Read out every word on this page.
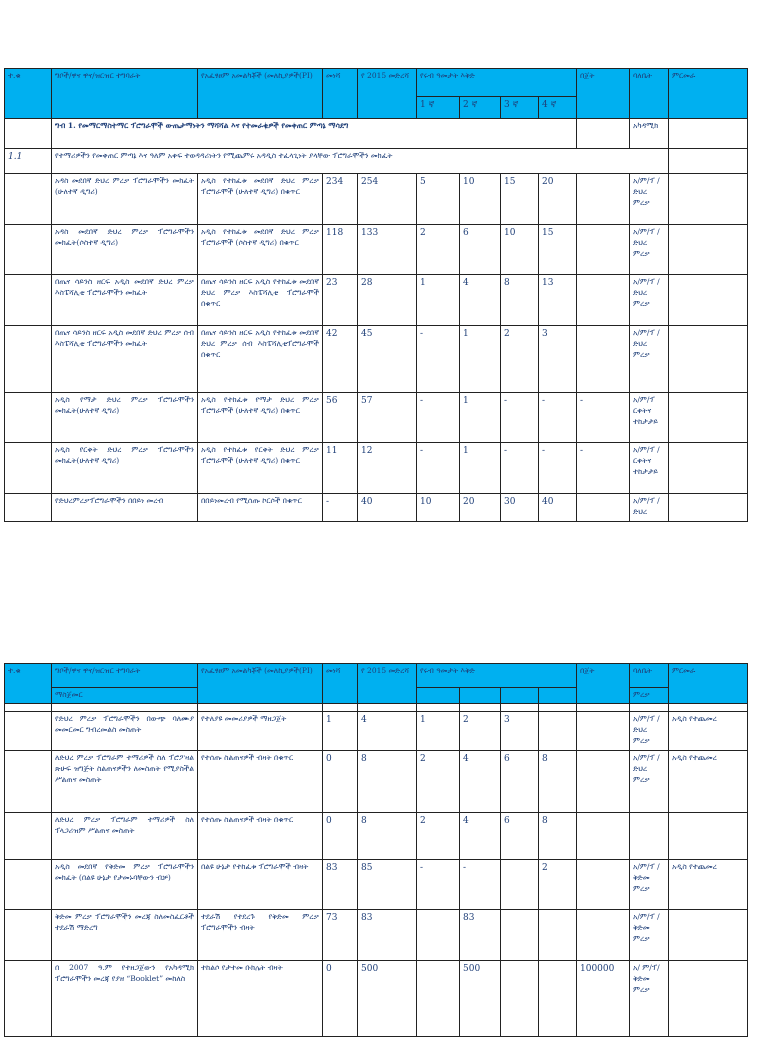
ተ.ቁ	ግቦች/ዋና ዋና/ዝርዝር ተግባራት	የአፈፃፀም አመልካቾች (መለኪያዎች(PI)	መነሻ	የ 2015 መድረሻ	የሩብ ዓመታት እቅድ				በጀት	ባለቤት	ምርመራ
					1 ኛ	2 ኛ	3 ኛ	4 ኛ			
	ግብ 1. የመማርማስተማር ፕሮግራሞች ውጤታማነትን ማሻሻል እና የተመራቂዎች የመቀጠር ምጣኔ ማሳደግ									አካዳሚክ	
1.1	የተማሪዎችን የመቀጠር ምጣኔ እና ዓለም አቀፍ ተወዳዳሪነትን የሚጨምሩ አዳዲስ ተፈላጊነት ያላቸው ፕሮግራሞችን መክፈት										
	አዳስ መደበኛ ድህረ ምረቃ ፕሮግራሞችን መክፈት (ሁለተኛ ዲግሪ)	አዲስ የተከፈቱ መደበኛ ድህረ ምረቃ ፕሮግራሞች (ሁለተኛ ዲግሪ) በቁጥር	234	254	5	10	15	20		አ/ም/ፕ / ድህረ ምረቃ	
	አዳስ መደበኛ ድህረ ምረቃ ፕሮግራሞችን መክፈት(ሶስተኛ ዲግሪ)	አዲስ የተከፈቱ መደበኛ ድህረ ምረቃ ፕሮግራሞች (ሶስተኛ ዲግሪ) በቁጥር	118	133	2	6	10	15		አ/ም/ፕ / ድህረ ምረቃ	
	በጤና ሳይንስ ዘርፍ አዲስ መደበኛ ድህረ ምረቃ እስፔሻሊቲ ፕሮግራሞችን መክፈት	በጤና ሳይንስ ዘርፍ አዲስ የተከፈቱ መደበኛ ድህረ ምረቃ እስፔሻሊቲ ፕሮግራሞች በቁጥር	23	28	1	4	8	13		አ/ም/ፕ / ድህረ ምረቃ	
	በጤና ሳይንስ ዘርፍ አዲስ መደበኛ ድህረ ምረቃ ሰብ እስፔሻሊቲ ፕሮግራሞችን መክፈት	በጤና ሳይንስ ዘርፍ አዲስ የተከፈቱ መደበኛ ድህረ ምረቃ ሰብ እስፔሻሊቲፕሮግራሞች በቁጥር	42	45	-	1	2	3		አ/ም/ፕ / ድህረ ምረቃ	
	አዲስ የማታ ድህረ ምረቃ ፕሮግራሞችን መክፈት(ሁለተኛ ዲግሪ)	አዲስ የተከፈቱ የማታ ድህረ ምረቃ ፕሮግራሞች (ሁለተኛ ዲግሪ) በቁጥር	56	57	-	1	-	-	-	አ/ም/ፕ ርቀትና ተከታታይ	
	አዲስ የርቀት ድህረ ምረቃ ፕሮግራሞችን መክፈት(ሁለተኛ ዲግሪ)	አዲስ የተከፈቱ የርቀት ድህረ ምረቃ ፕሮግራሞች (ሁለተኛ ዲግሪ) በቁጥር	11	12	-	1	-	-	-	አ/ም/ፕ /ርቀትና ተከታታይ	
	የድህረምረቃፕሮግራሞችን በበይነ መረብ	በበይነመረብ የሚሰጡ ኮርሶች በቁጥር	-	40	10	20	30	40		አ/ም/ፕ / ድህረ	
ተ.ቁ	ግቦች/ዋና ዋና/ዝርዝር ተግባራት	የአፈፃፀም አመልካቾች (መለኪያዎች(PI)	መነሻ	የ 2015 መድረሻ	የሩብ ዓመታት እቅድ				በጀት	ባለቤት	ምርመራ
	ማስጀመር									ምረቃ	

	የድህረ ምረቃ ፕሮግራሞችን በውጭ ባለሙያ መመርመር ግብረመልስ መስጠት	የተለያዩ መመሪያዎች ማዘጋጀት	1	4	1	2	3			አ/ም/ፕ / ድህረ ምረቃ	አዲስ የተጨመረ
	ለድህረ ምረቃ ፕሮግራም ተማሪዎች ስለ ፕሮፖዛል ጽሁፍ ዝግጅት ስልጠናዎችን ለመስጠት የሚያስችል ሥልጠና መስጠት	የተሰጡ ስልጠናዎች ብዛት በቁጥር	0	8	2	4	6	8		አ/ም/ፕ / ድህረ ምረቃ	አዲስ የተጨመረ
	ለድህረ ምረቃ ፕሮግራም ተማሪዎች ስለ ፕላጋሪዝም ሥልጠና መስጠት	የተሰጡ ስልጠናዎች ብዛት በቁጥር	0	8	2	4	6	8			
	አዲስ መደበኛ የቅድመ ምረቃ ፕሮግራሞችን መክፈት (በልዩ ሁኔታ የታመኑባቸውን ብቻ)	በልዩ ሁኔታ የተከፈቱ ፕሮግራሞች ብዛት	83	85	-	-		2		አ/ም/ፕ / ቅድመ ምረቃ	አዲስ የተጨመረ
	ቅድመ ምረቃ ፕሮግራሞችን መረጃ ስለመስፈርቶች ተደራሽ ማድረግ	ተደራሽ የተደረጉ የቅድመ ምረቃ ፕሮግራሞችን ብዛት	73	83		83				አ/ም/ፕ /ቅድመ ምረቃ	
	በ 2007 ዓ.ም የተዘጋጀውን የአካዳሚክ ፕሮግራሞችን መረጃ የያዘ “Booklet” መከለስ	ተከልሶ የታተመ ቡክሌት ብዛት	0	500		500			100000	አ/ ም/ፕ/ ቅድመ ምረቃ	
